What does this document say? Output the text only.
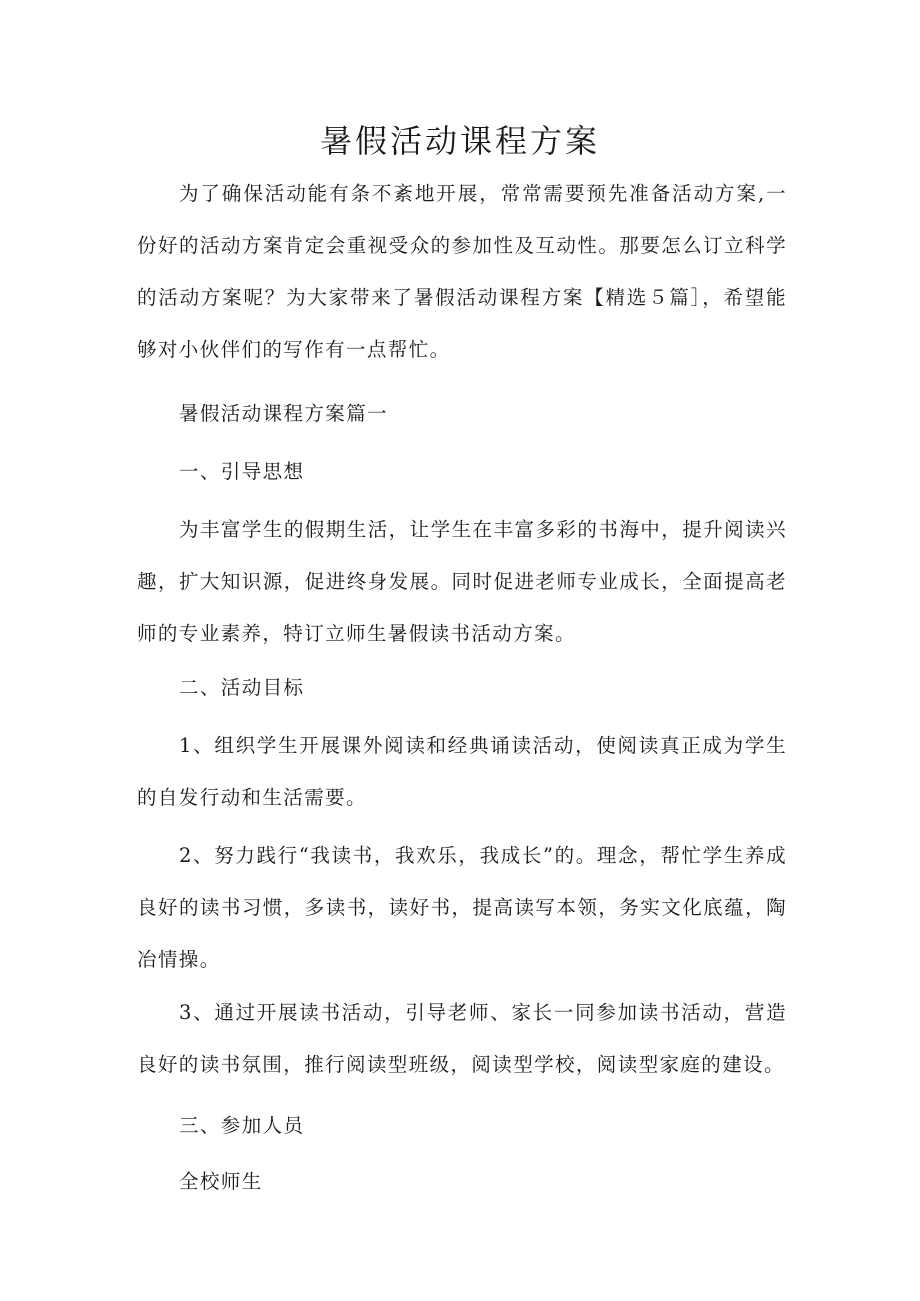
暑假活动课程方案

为了确保活动能有条不紊地开展，常常需要预先准备活动方案,一份好的活动方案肯定会重视受众的参加性及互动性。那要怎么订立科学的活动方案呢？为大家带来了暑假活动课程方案【精选５篇］，希望能够对小伙伴们的写作有一点帮忙。

暑假活动课程方案篇一
一、引导思想

为丰富学生的假期生活，让学生在丰富多彩的书海中，提升阅读兴趣，扩大知识源，促进终身发展。同时促进老师专业成长，全面提高老师的专业素养，特订立师生暑假读书活动方案。

二、活动目标

1、组织学生开展课外阅读和经典诵读活动，使阅读真正成为学生的自发行动和生活需要。

2、努力践行“我读书，我欢乐，我成长”的。理念，帮忙学生养成良好的读书习惯，多读书，读好书，提高读写本领，务实文化底蕴，陶冶情操。

3、通过开展读书活动，引导老师、家长一同参加读书活动，营造良好的读书氛围，推行阅读型班级，阅读型学校，阅读型家庭的建设。

三、参加人员

全校师生
